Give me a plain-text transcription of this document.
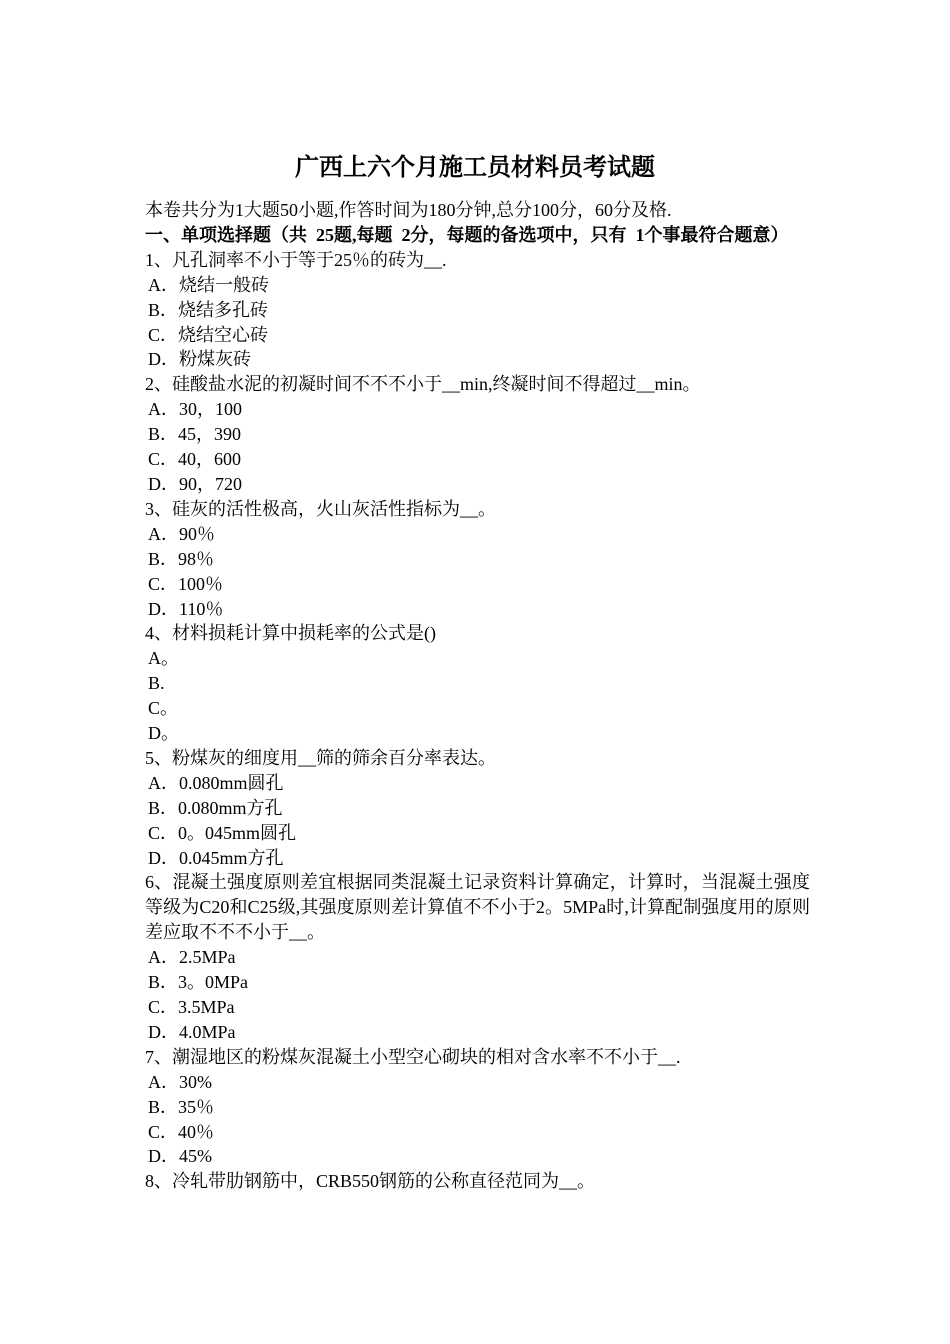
广西上六个月施工员材料员考试题

本卷共分为1大题50小题,作答时间为180分钟,总分100分，60分及格.

一、单项选择题（共  25题,每题  2分，每题的备选项中，只有  1个事最符合题意）

1、凡孔洞率不小于等于25％的砖为__.

A．烧结一般砖

B．烧结多孔砖

C．烧结空心砖

D．粉煤灰砖

2、硅酸盐水泥的初凝时间不不不小于__min,终凝时间不得超过__min。

A．30，100

B．45，390

C．40，600

D．90，720

3、硅灰的活性极高，火山灰活性指标为__。

A．90％

B．98％

C．100％

D．110％

4、材料损耗计算中损耗率的公式是()

A。

B.

C。

D。

5、粉煤灰的细度用__筛的筛余百分率表达。

A．0.080mm圆孔

B．0.080mm方孔

C．0。045mm圆孔

D．0.045mm方孔

6、混凝土强度原则差宜根据同类混凝土记录资料计算确定，计算时，当混凝土强度等级为C20和C25级,其强度原则差计算值不不小于2。5MPa时,计算配制强度用的原则差应取不不不小于__。

A．2.5MPa

B．3。0MPa

C．3.5MPa

D．4.0MPa

7、潮湿地区的粉煤灰混凝土小型空心砌块的相对含水率不不小于__.

A．30%

B．35％

C．40％

D．45%

8、冷轧带肋钢筋中，CRB550钢筋的公称直径范同为__。
